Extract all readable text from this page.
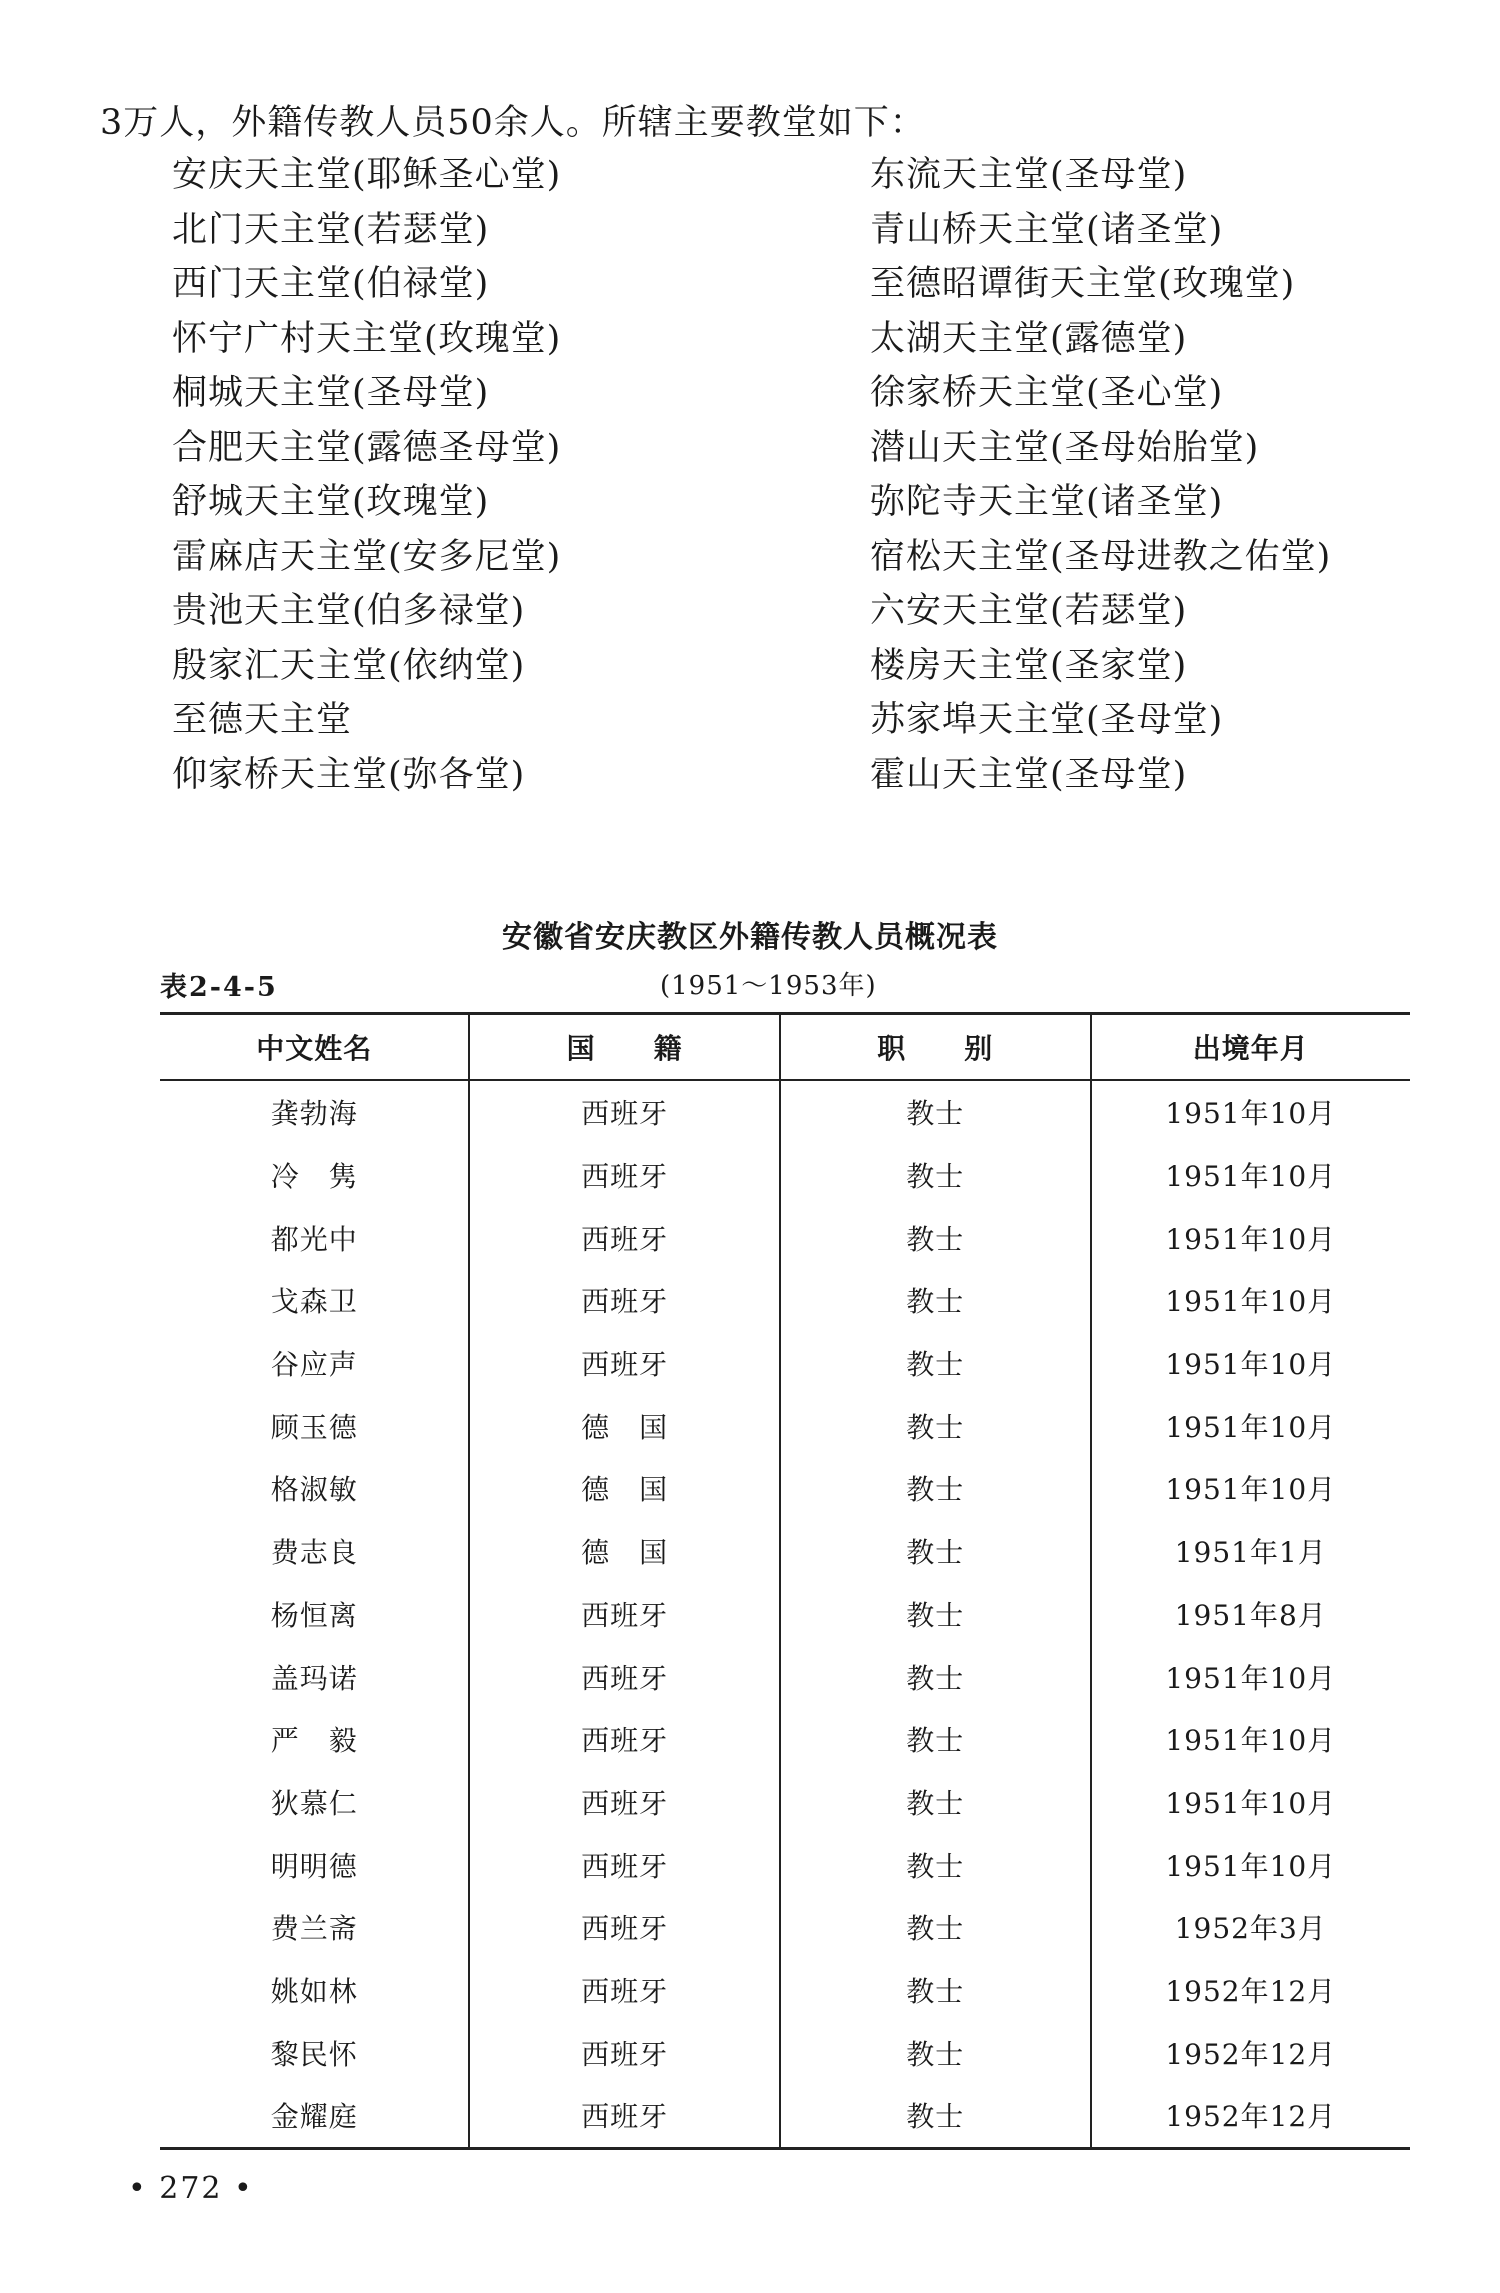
3万人，外籍传教人员50余人。所辖主要教堂如下：
安庆天主堂(耶稣圣心堂)
北门天主堂(若瑟堂)
西门天主堂(伯禄堂)
怀宁广村天主堂(玫瑰堂)
桐城天主堂(圣母堂)
合肥天主堂(露德圣母堂)
舒城天主堂(玫瑰堂)
雷麻店天主堂(安多尼堂)
贵池天主堂(伯多禄堂)
殷家汇天主堂(依纳堂)
至德天主堂
仰家桥天主堂(弥各堂)
东流天主堂(圣母堂)
青山桥天主堂(诸圣堂)
至德昭谭街天主堂(玫瑰堂)
太湖天主堂(露德堂)
徐家桥天主堂(圣心堂)
潜山天主堂(圣母始胎堂)
弥陀寺天主堂(诸圣堂)
宿松天主堂(圣母进教之佑堂)
六安天主堂(若瑟堂)
楼房天主堂(圣家堂)
苏家埠天主堂(圣母堂)
霍山天主堂(圣母堂)
安徽省安庆教区外籍传教人员概况表
表2-4-5	(1951～1953年)
中文姓名	国　　籍	职　　别	出境年月
龚勃海	西班牙	教士	1951年10月
冷　隽	西班牙	教士	1951年10月
都光中	西班牙	教士	1951年10月
戈森卫	西班牙	教士	1951年10月
谷应声	西班牙	教士	1951年10月
顾玉德	德　国	教士	1951年10月
格淑敏	德　国	教士	1951年10月
费志良	德　国	教士	1951年1月
杨恒离	西班牙	教士	1951年8月
盖玛诺	西班牙	教士	1951年10月
严　毅	西班牙	教士	1951年10月
狄慕仁	西班牙	教士	1951年10月
明明德	西班牙	教士	1951年10月
费兰斋	西班牙	教士	1952年3月
姚如林	西班牙	教士	1952年12月
黎民怀	西班牙	教士	1952年12月
金耀庭	西班牙	教士	1952年12月
• 272 •
